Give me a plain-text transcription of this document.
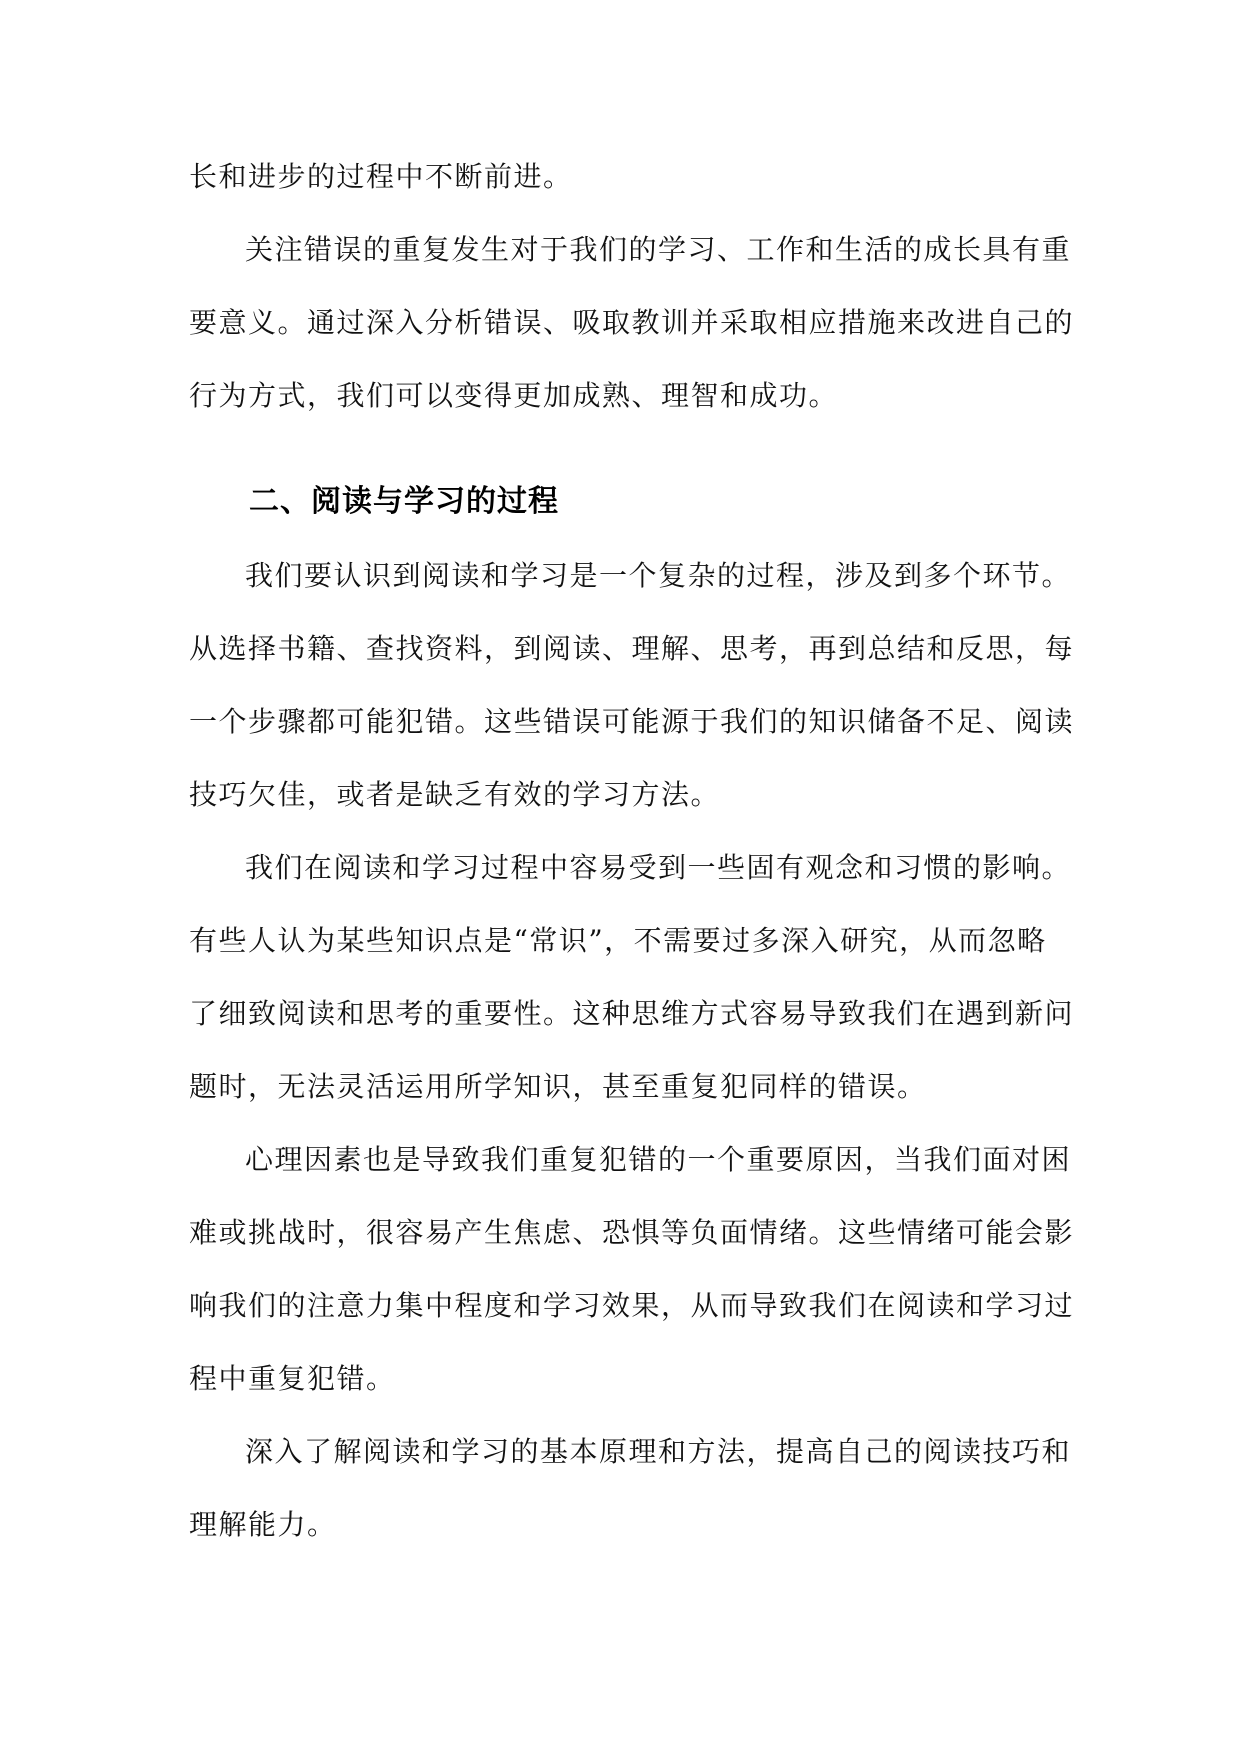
长和进步的过程中不断前进。
关注错误的重复发生对于我们的学习、工作和生活的成长具有重
要意义。通过深入分析错误、吸取教训并采取相应措施来改进自己的
行为方式，我们可以变得更加成熟、理智和成功。
二、阅读与学习的过程
我们要认识到阅读和学习是一个复杂的过程，涉及到多个环节。
从选择书籍、查找资料，到阅读、理解、思考，再到总结和反思，每
一个步骤都可能犯错。这些错误可能源于我们的知识储备不足、阅读
技巧欠佳，或者是缺乏有效的学习方法。
我们在阅读和学习过程中容易受到一些固有观念和习惯的影响。
有些人认为某些知识点是“常识”，不需要过多深入研究，从而忽略
了细致阅读和思考的重要性。这种思维方式容易导致我们在遇到新问
题时，无法灵活运用所学知识，甚至重复犯同样的错误。
心理因素也是导致我们重复犯错的一个重要原因，当我们面对困
难或挑战时，很容易产生焦虑、恐惧等负面情绪。这些情绪可能会影
响我们的注意力集中程度和学习效果，从而导致我们在阅读和学习过
程中重复犯错。
深入了解阅读和学习的基本原理和方法，提高自己的阅读技巧和
理解能力。
